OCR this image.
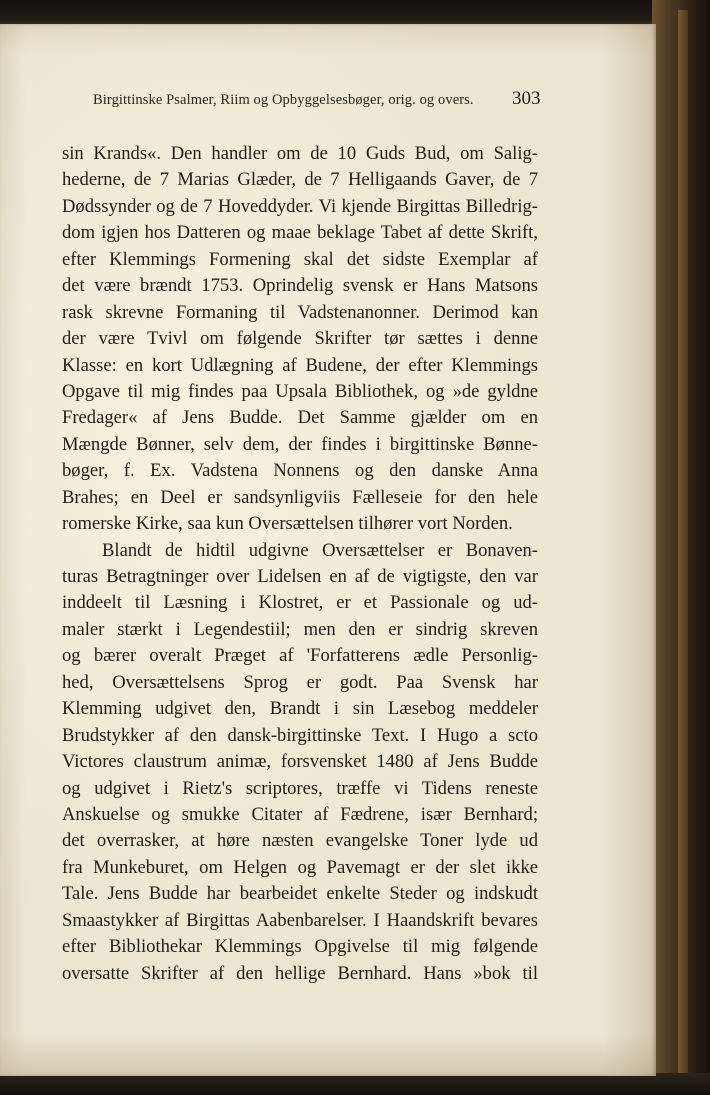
Birgittinske Psalmer, Riim og Opbyggelsesbøger, orig. og overs.	303
sin Krands«. Den handler om de 10 Guds Bud, om Salig-
hederne, de 7 Marias Glæder, de 7 Helligaands Gaver, de 7
Dødssynder og de 7 Hoveddyder. Vi kjende Birgittas Billedrig-
dom igjen hos Datteren og maae beklage Tabet af dette Skrift,
efter Klemmings Formening skal det sidste Exemplar af
det være brændt 1753. Oprindelig svensk er Hans Matsons
rask skrevne Formaning til Vadstenanonner. Derimod kan
der være Tvivl om følgende Skrifter tør sættes i denne
Klasse: en kort Udlægning af Budene, der efter Klemmings
Opgave til mig findes paa Upsala Bibliothek, og »de gyldne
Fredager« af Jens Budde. Det Samme gjælder om en
Mængde Bønner, selv dem, der findes i birgittinske Bønne-
bøger, f. Ex. Vadstena Nonnens og den danske Anna
Brahes; en Deel er sandsynligviis Fælleseie for den hele
romerske Kirke, saa kun Oversættelsen tilhører vort Norden.
Blandt de hidtil udgivne Oversættelser er Bonaven-
turas Betragtninger over Lidelsen en af de vigtigste, den var
inddeelt til Læsning i Klostret, er et Passionale og ud-
maler stærkt i Legendestiil; men den er sindrig skreven
og bærer overalt Præget af 'Forfatterens ædle Personlig-
hed, Oversættelsens Sprog er godt. Paa Svensk har
Klemming udgivet den, Brandt i sin Læsebog meddeler
Brudstykker af den dansk-birgittinske Text. I Hugo a scto
Victores claustrum animæ, forsvensket 1480 af Jens Budde
og udgivet i Rietz's scriptores, træffe vi Tidens reneste
Anskuelse og smukke Citater af Fædrene, især Bernhard;
det overrasker, at høre næsten evangelske Toner lyde ud
fra Munkeburet, om Helgen og Pavemagt er der slet ikke
Tale. Jens Budde har bearbeidet enkelte Steder og indskudt
Smaastykker af Birgittas Aabenbarelser. I Haandskrift bevares
efter Bibliothekar Klemmings Opgivelse til mig følgende
oversatte Skrifter af den hellige Bernhard. Hans »bok til
